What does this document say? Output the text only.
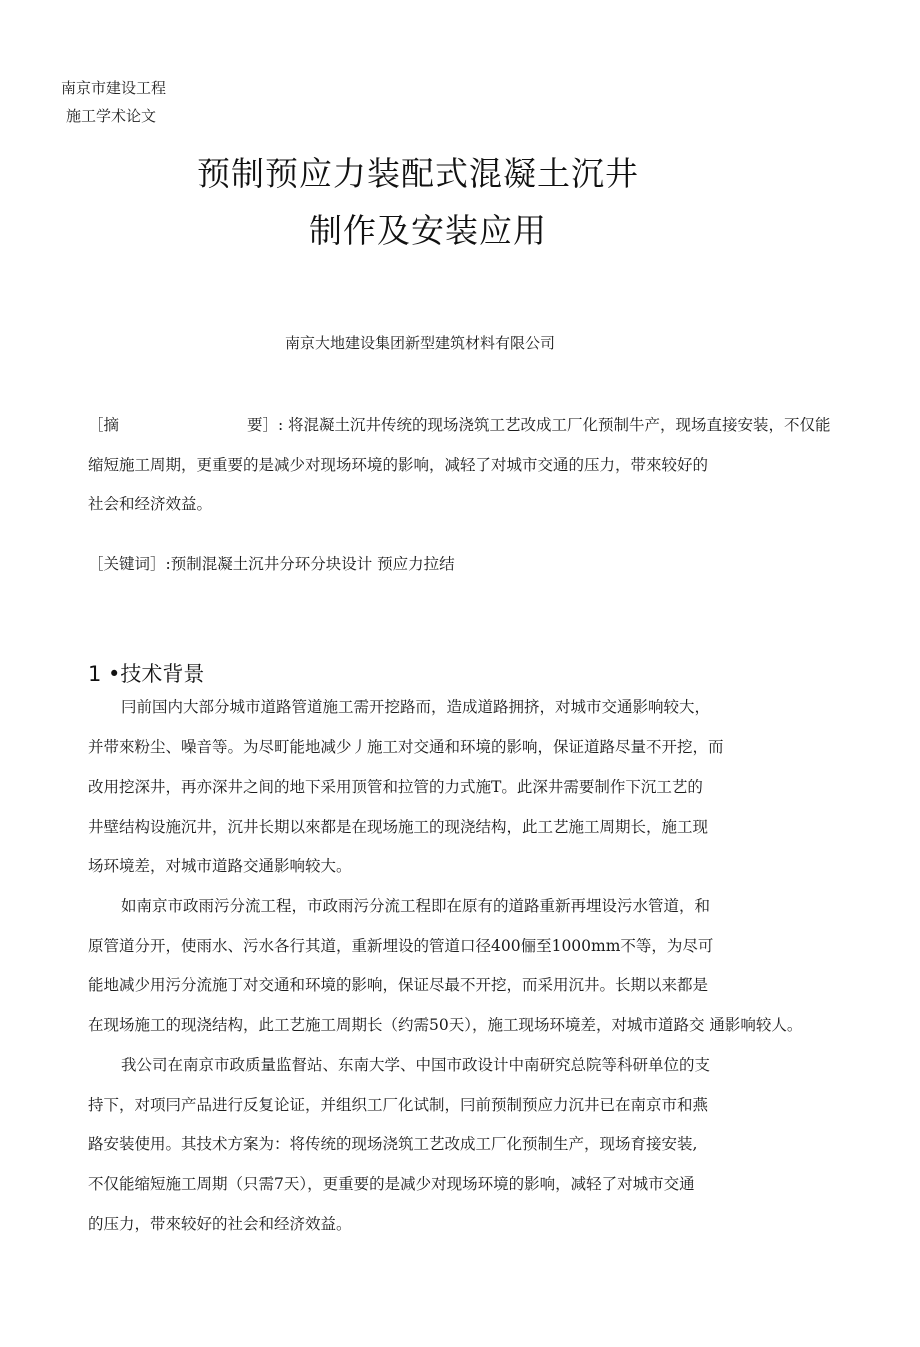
南京市建设工程
施工学术论文
预制预应力装配式混凝土沉井
制作及安装应用
南京大地建设集团新型建筑材料有限公司
［摘	要］: 将混凝土沉井传统的现场浇筑工艺改成工厂化预制牛产，现场直接安装，不仅能
缩短施工周期，更重要的是减少对现场环境的影响，减轻了对城市交通的压力，带來较好的
社会和经济效益。
［关键词］:预制混凝土沉井分环分块设计 预应力拉结
1 •技术背景
冃前国内大部分城市道路管道施工需开挖路而，造成道路拥挤，对城市交通影响较大，
并带來粉尘、噪音等。为尽町能地减少丿施工对交通和环境的影响，保证道路尽量不开挖，而
改用挖深井，再亦深井之间的地下采用顶管和拉管的力式施T。此深井需要制作下沉工艺的
井壁结构设施沉井，沉井长期以來都是在现场施工的现浇结构，此工艺施工周期长，施工现
场环境差，对城市道路交通影响较大。
如南京市政雨污分流工程，市政雨污分流工程即在原有的道路重新再埋设污水管道，和
原管道分开，使雨水、污水各行其道，重新埋设的管道口径400俪至1000mm不等，为尽可
能地减少用污分流施丁对交通和环境的影响，保证尽最不开挖，而采用沉井。长期以来都是
在现场施工的现浇结构，此工艺施工周期长（约需50天），施工现场环境差，对城市道路交 通影响较人。
我公司在南京市政质量监督站、东南大学、中国市政设计中南研究总院等科研单位的支
持下，对项冃产品进行反复论证，并组织工厂化试制，冃前预制预应力沉井已在南京市和燕
路安装使用。其技术方案为：将传统的现场浇筑工艺改成工厂化预制生产，现场育接安装,
不仅能缩短施工周期（只需7天），更重要的是减少对现场环境的影响，减轻了对城市交通
的压力，带來较好的社会和经济效益。
